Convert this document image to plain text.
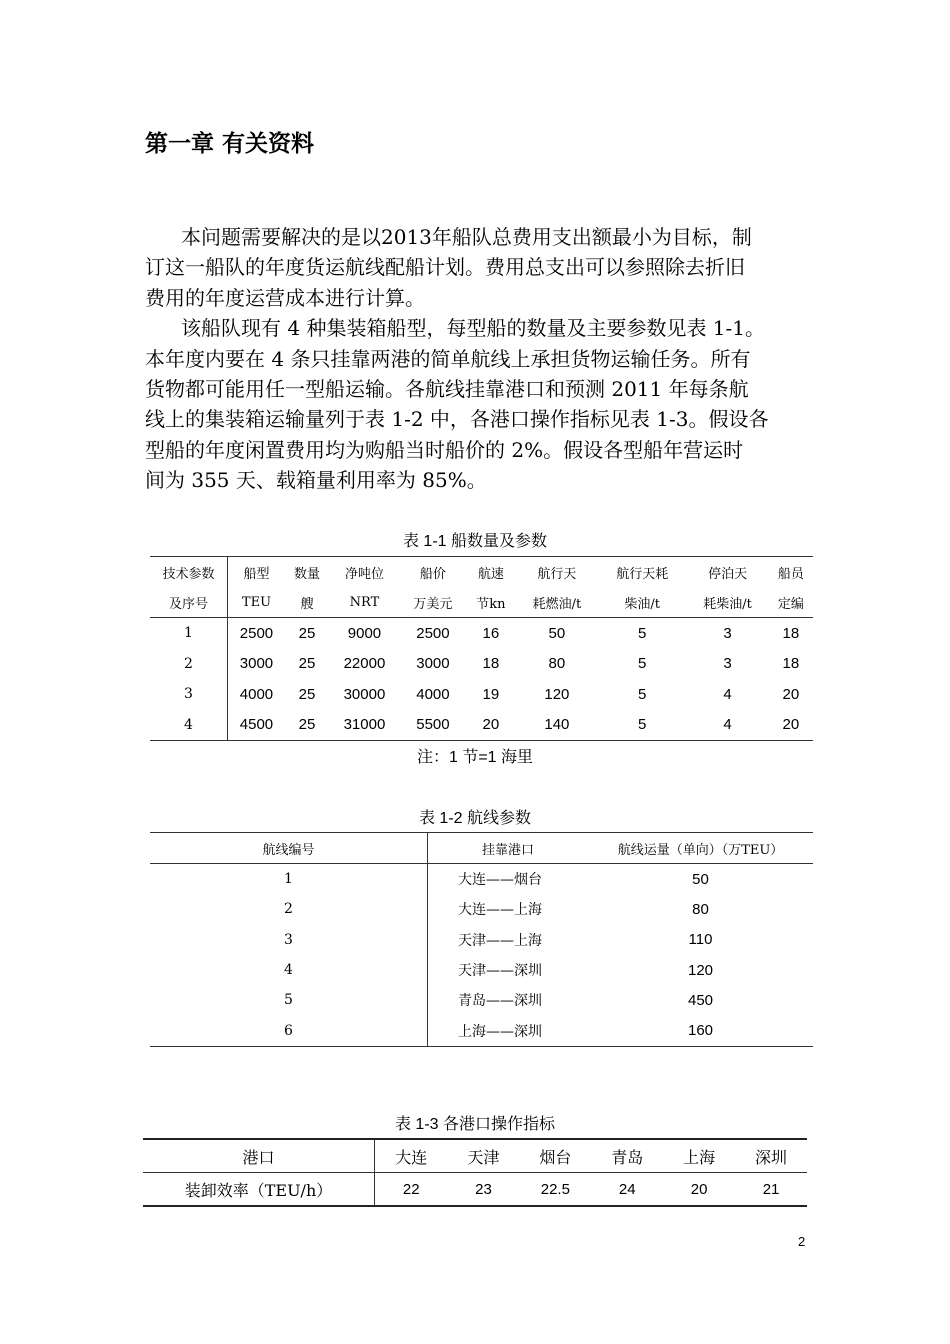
第一章 有关资料
本问题需要解决的是以2013年船队总费用支出额最小为目标，制
订这一船队的年度货运航线配船计划。费用总支出可以参照除去折旧
费用的年度运营成本进行计算。
该船队现有 4 种集装箱船型，每型船的数量及主要参数见表 1-1。
本年度内要在 4 条只挂靠两港的简单航线上承担货物运输任务。所有
货物都可能用任一型船运输。各航线挂靠港口和预测 2011 年每条航
线上的集装箱运输量列于表 1-2 中，各港口操作指标见表 1-3。假设各
型船的年度闲置费用均为购船当时船价的 2%。假设各型船年营运时
间为 355 天、载箱量利用率为 85%。
表 1-1 船数量及参数
技术参数	船型	数量	净吨位	船价	航速	航行天	航行天耗	停泊天	船员
及序号	TEU	艘	NRT	万美元	节kn	耗燃油/t	柴油/t	耗柴油/t	定编
1	2500	25	9000	2500	16	50	5	3	18
2	3000	25	22000	3000	18	80	5	3	18
3	4000	25	30000	4000	19	120	5	4	20
4	4500	25	31000	5500	20	140	5	4	20
注：1 节=1 海里
表 1-2 航线参数
航线编号	挂靠港口	航线运量（单向）（万TEU）
1	大连——烟台	50
2	大连——上海	80
3	天津——上海	110
4	天津——深圳	120
5	青岛——深圳	450
6	上海——深圳	160
表 1-3 各港口操作指标
港口	大连	天津	烟台	青岛	上海	深圳
装卸效率（TEU/h）	22	23	22.5	24	20	21
2
